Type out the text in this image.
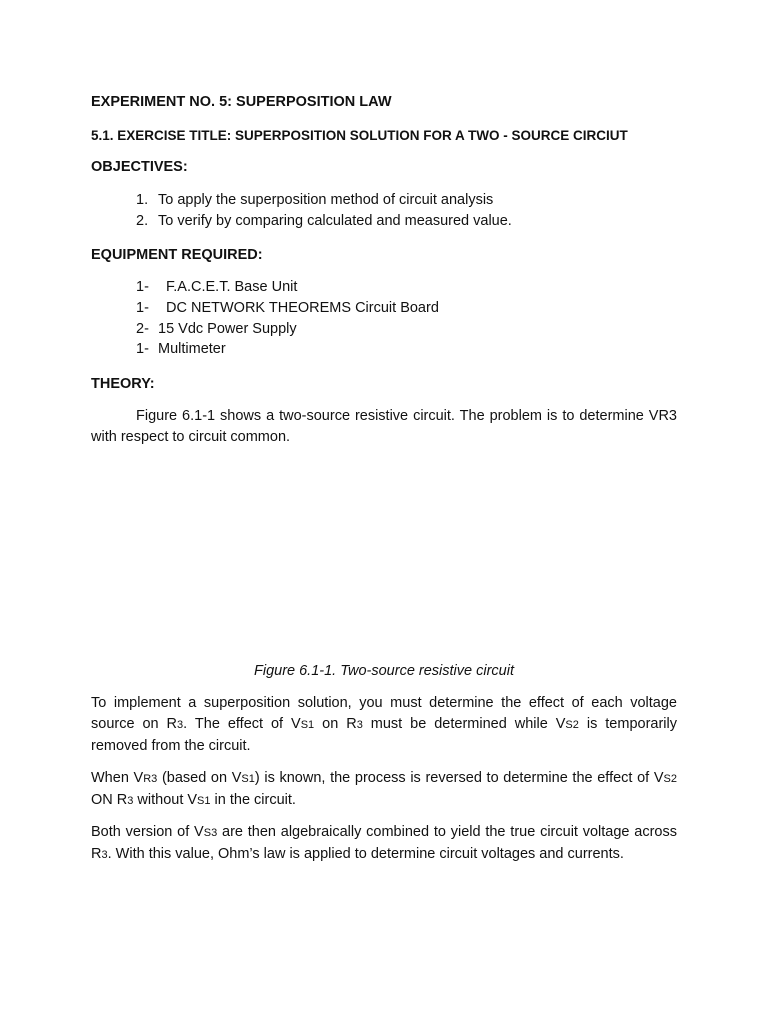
EXPERIMENT NO. 5: SUPERPOSITION LAW
5.1. EXERCISE TITLE: SUPERPOSITION SOLUTION FOR A TWO - SOURCE CIRCIUT
OBJECTIVES:
1. To apply the superposition method of circuit analysis
2. To verify by comparing calculated and measured value.
EQUIPMENT REQUIRED:
1- F.A.C.E.T. Base Unit
1- DC NETWORK THEOREMS Circuit Board
2- 15 Vdc Power Supply
1- Multimeter
THEORY:
Figure 6.1-1 shows a two-source resistive circuit. The problem is to determine VR3 with respect to circuit common.
Figure 6.1-1. Two-source resistive circuit
To implement a superposition solution, you must determine the effect of each voltage source on R3. The effect of VS1 on R3 must be determined while VS2 is temporarily removed from the circuit.
When VR3 (based on VS1) is known, the process is reversed to determine the effect of VS2 ON R3 without VS1 in the circuit.
Both version of VS3 are then algebraically combined to yield the true circuit voltage across R3. With this value, Ohm’s law is applied to determine circuit voltages and currents.
